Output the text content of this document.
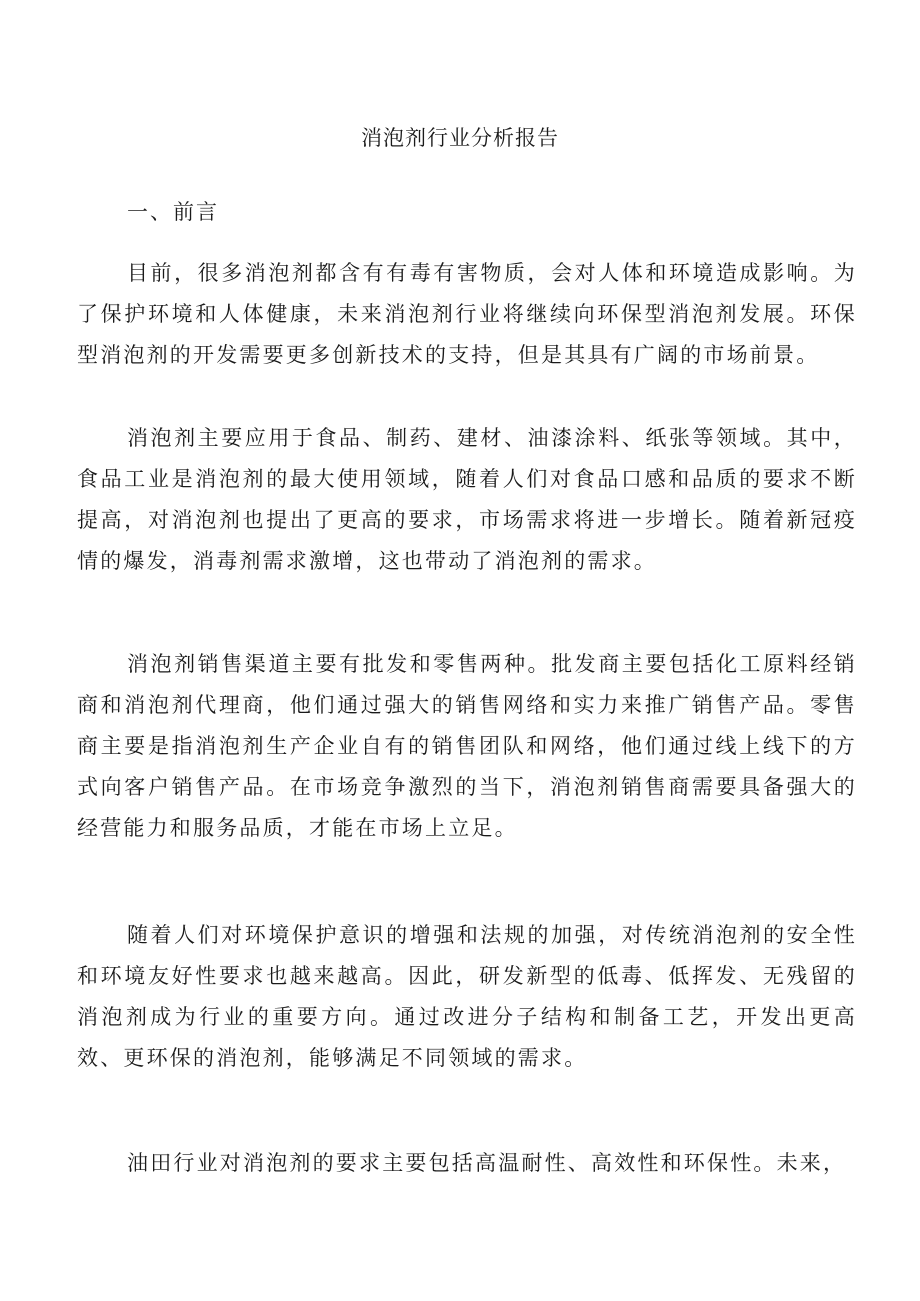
消泡剂行业分析报告
一、前言

目前，很多消泡剂都含有有毒有害物质，会对人体和环境造成影响。为了保护环境和人体健康，未来消泡剂行业将继续向环保型消泡剂发展。环保型消泡剂的开发需要更多创新技术的支持，但是其具有广阔的市场前景。

消泡剂主要应用于食品、制药、建材、油漆涂料、纸张等领域。其中，食品工业是消泡剂的最大使用领域，随着人们对食品口感和品质的要求不断提高，对消泡剂也提出了更高的要求，市场需求将进一步增长。随着新冠疫情的爆发，消毒剂需求激增，这也带动了消泡剂的需求。

消泡剂销售渠道主要有批发和零售两种。批发商主要包括化工原料经销商和消泡剂代理商，他们通过强大的销售网络和实力来推广销售产品。零售商主要是指消泡剂生产企业自有的销售团队和网络，他们通过线上线下的方式向客户销售产品。在市场竞争激烈的当下，消泡剂销售商需要具备强大的经营能力和服务品质，才能在市场上立足。

随着人们对环境保护意识的增强和法规的加强，对传统消泡剂的安全性和环境友好性要求也越来越高。因此，研发新型的低毒、低挥发、无残留的消泡剂成为行业的重要方向。通过改进分子结构和制备工艺，开发出更高效、更环保的消泡剂，能够满足不同领域的需求。

油田行业对消泡剂的要求主要包括高温耐性、高效性和环保性。未来，
